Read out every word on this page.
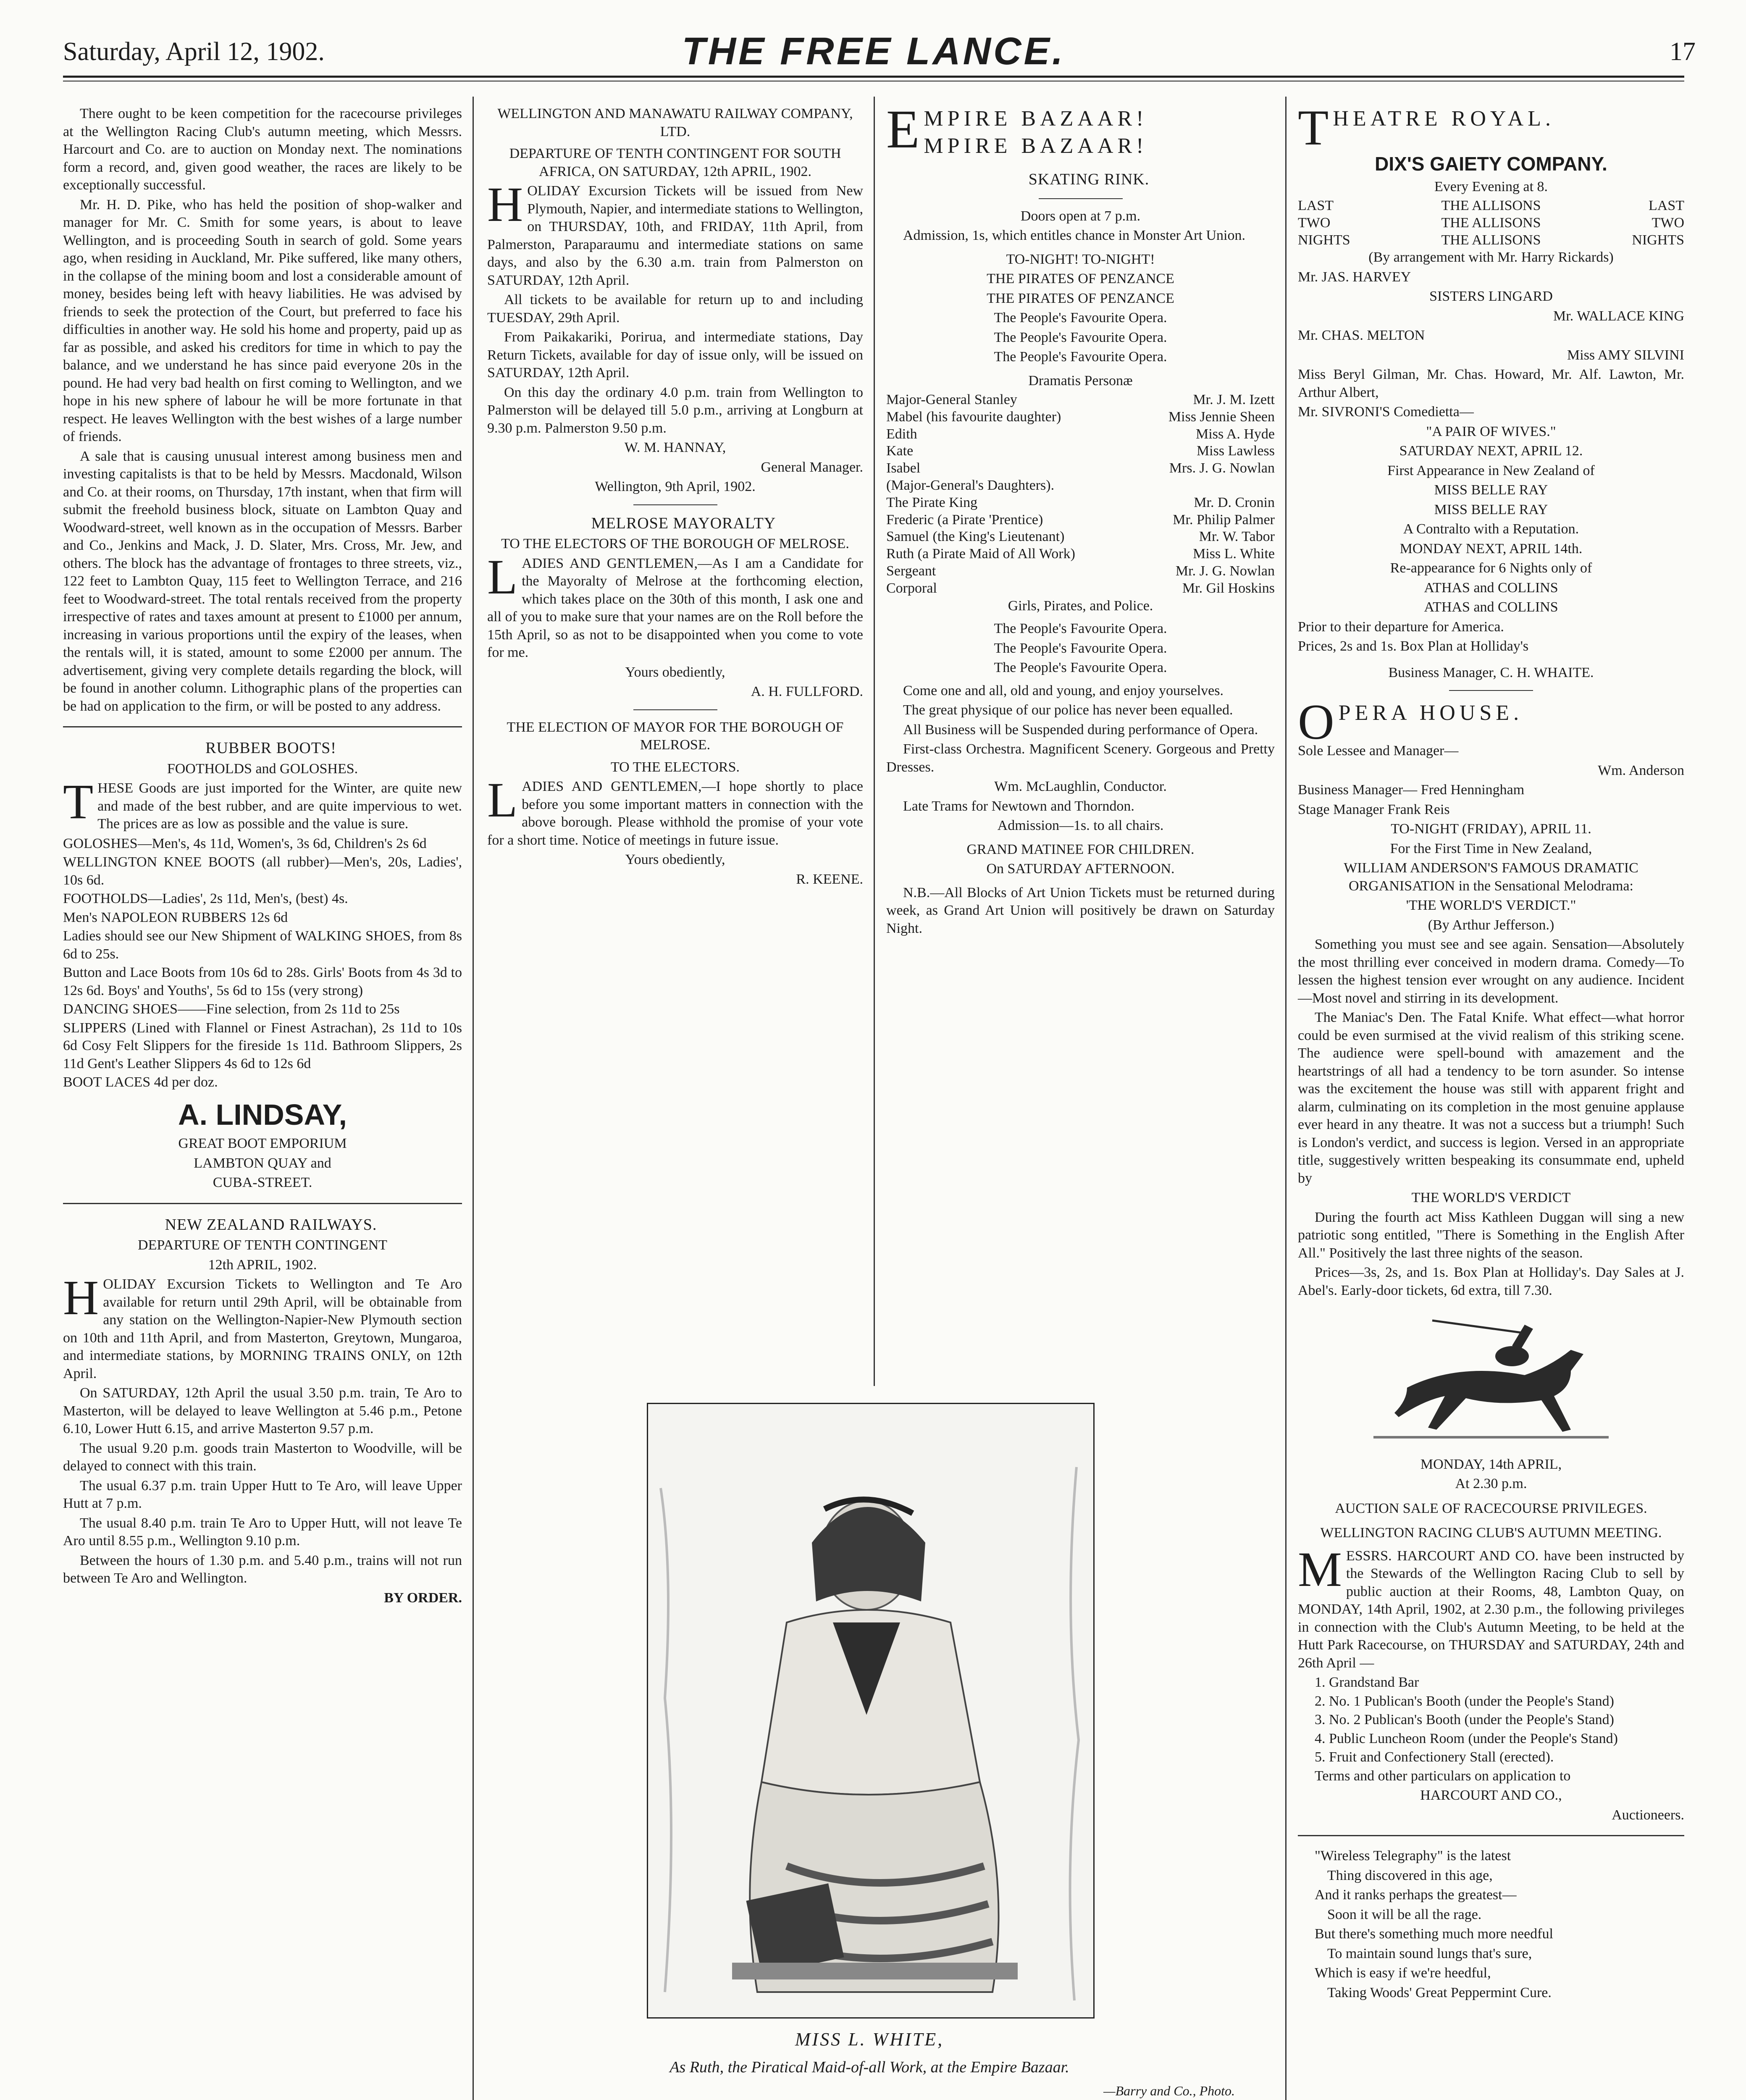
Saturday, April 12, 1902.	THE FREE LANCE.	17

There ought to be keen competition for the racecourse privileges at the Wellington Racing Club's autumn meeting, which Messrs. Harcourt and Co. are to auction on Monday next. The nominations form a record, and, given good weather, the races are likely to be exceptionally successful.

Mr. H. D. Pike, who has held the position of shop-walker and manager for Mr. C. Smith for some years, is about to leave Wellington, and is proceeding South in search of gold. Some years ago, when residing in Auckland, Mr. Pike suffered, like many others, in the collapse of the mining boom and lost a considerable amount of money, besides being left with heavy liabilities. He was advised by friends to seek the protection of the Court, but preferred to face his difficulties in another way. He sold his home and property, paid up as far as possible, and asked his creditors for time in which to pay the balance, and we understand he has since paid everyone 20s in the pound. He had very bad health on first coming to Wellington, and we hope in his new sphere of labour he will be more fortunate in that respect. He leaves Wellington with the best wishes of a large number of friends.

A sale that is causing unusual interest among business men and investing capitalists is that to be held by Messrs. Macdonald, Wilson and Co. at their rooms, on Thursday, 17th instant, when that firm will submit the freehold business block, situate on Lambton Quay and Woodward-street, well known as in the occupation of Messrs. Barber and Co., Jenkins and Mack, J. D. Slater, Mrs. Cross, Mr. Jew, and others. The block has the advantage of frontages to three streets, viz., 122 feet to Lambton Quay, 115 feet to Wellington Terrace, and 216 feet to Woodward-street. The total rentals received from the property irrespective of rates and taxes amount at present to £1000 per annum, increasing in various proportions until the expiry of the leases, when the rentals will, it is stated, amount to some £2000 per annum. The advertisement, giving very complete details regarding the block, will be found in another column. Lithographic plans of the properties can be had on application to the firm, or will be posted to any address.

RUBBER BOOTS!

FOOTHOLDS and GOLOSHES.

THESE Goods are just imported for the Winter, are quite new and made of the best rubber, and are quite impervious to wet. The prices are as low as possible and the value is sure.

GOLOSHES—Men's, 4s 11d, Women's, 3s 6d, Children's 2s 6d
WELLINGTON KNEE BOOTS (all rubber)—Men's, 20s, Ladies', 10s 6d.
FOOTHOLDS—Ladies', 2s 11d, Men's, (best) 4s.
Men's NAPOLEON RUBBERS 12s 6d
Ladies should see our New Shipment of WALKING SHOES, from 8s 6d to 25s.
Button and Lace Boots from 10s 6d to 28s. Girls' Boots from 4s 3d to 12s 6d. Boys' and Youths', 5s 6d to 15s (very strong)
DANCING SHOES——Fine selection, from 2s 11d to 25s
SLIPPERS (Lined with Flannel or Finest Astrachan), 2s 11d to 10s 6d Cosy Felt Slippers for the fireside 1s 11d. Bathroom Slippers, 2s 11d Gent's Leather Slippers 4s 6d to 12s 6d
BOOT LACES 4d per doz.
A. LINDSAY,

GREAT BOOT EMPORIUM

LAMBTON QUAY and

CUBA-STREET.

NEW ZEALAND RAILWAYS.

DEPARTURE OF TENTH CONTINGENT

12th APRIL, 1902.

HOLIDAY Excursion Tickets to Wellington and Te Aro available for return until 29th April, will be obtainable from any station on the Wellington-Napier-New Plymouth section on 10th and 11th April, and from Masterton, Greytown, Mungaroa, and intermediate stations, by MORNING TRAINS ONLY, on 12th April.

On SATURDAY, 12th April the usual 3.50 p.m. train, Te Aro to Masterton, will be delayed to leave Wellington at 5.46 p.m., Petone 6.10, Lower Hutt 6.15, and arrive Masterton 9.57 p.m.

The usual 9.20 p.m. goods train Masterton to Woodville, will be delayed to connect with this train.

The usual 6.37 p.m. train Upper Hutt to Te Aro, will leave Upper Hutt at 7 p.m.

The usual 8.40 p.m. train Te Aro to Upper Hutt, will not leave Te Aro until 8.55 p.m., Wellington 9.10 p.m.

Between the hours of 1.30 p.m. and 5.40 p.m., trains will not run between Te Aro and Wellington.

BY ORDER.

WELLINGTON AND MANAWATU RAILWAY COMPANY, LTD.

DEPARTURE OF TENTH CONTINGENT FOR SOUTH AFRICA, ON SATURDAY, 12th APRIL, 1902.

HOLIDAY Excursion Tickets will be issued from New Plymouth, Napier, and intermediate stations to Wellington, on THURSDAY, 10th, and FRIDAY, 11th April, from Palmerston, Paraparaumu and intermediate stations on same days, and also by the 6.30 a.m. train from Palmerston on SATURDAY, 12th April.

All tickets to be available for return up to and including TUESDAY, 29th April.

From Paikakariki, Porirua, and intermediate stations, Day Return Tickets, available for day of issue only, will be issued on SATURDAY, 12th April.

On this day the ordinary 4.0 p.m. train from Wellington to Palmerston will be delayed till 5.0 p.m., arriving at Longburn at 9.30 p.m. Palmerston 9.50 p.m.

W. M. HANNAY,

General Manager.

Wellington, 9th April, 1902.

MELROSE MAYORALTY

TO THE ELECTORS OF THE BOROUGH OF MELROSE.

LADIES AND GENTLEMEN,—As I am a Candidate for the Mayoralty of Melrose at the forthcoming election, which takes place on the 30th of this month, I ask one and all of you to make sure that your names are on the Roll before the 15th April, so as not to be disappointed when you come to vote for me.

Yours obediently,

A. H. FULLFORD.

THE ELECTION OF MAYOR FOR THE BOROUGH OF MELROSE.

TO THE ELECTORS.

LADIES AND GENTLEMEN,—I hope shortly to place before you some important matters in connection with the above borough. Please withhold the promise of your vote for a short time. Notice of meetings in future issue.

Yours obediently,

R. KEENE.

EMPIRE BAZAAR!
MPIRE BAZAAR!

SKATING RINK.

Doors open at 7 p.m.

Admission, 1s, which entitles chance in Monster Art Union.

TO-NIGHT! TO-NIGHT!

THE PIRATES OF PENZANCE

THE PIRATES OF PENZANCE

The People's Favourite Opera.

The People's Favourite Opera.

The People's Favourite Opera.

Dramatis Personæ

Major-General Stanley	Mr. J. M. Izett
Mabel (his favourite daughter)	Miss Jennie Sheen
Edith	Miss A. Hyde
Kate	Miss Lawless
Isabel	Mrs. J. G. Nowlan
(Major-General's Daughters).	
The Pirate King	Mr. D. Cronin
Frederic (a Pirate 'Prentice)	Mr. Philip Palmer
Samuel (the King's Lieutenant)	Mr. W. Tabor
Ruth (a Pirate Maid of All Work)	Miss L. White
Sergeant	Mr. J. G. Nowlan
Corporal	Mr. Gil Hoskins

Girls, Pirates, and Police.

The People's Favourite Opera.

The People's Favourite Opera.

The People's Favourite Opera.

Come one and all, old and young, and enjoy yourselves.

The great physique of our police has never been equalled.

All Business will be Suspended during performance of Opera.

First-class Orchestra. Magnificent Scenery. Gorgeous and Pretty Dresses.

Wm. McLaughlin, Conductor.

Late Trams for Newtown and Thorndon.

Admission—1s. to all chairs.

GRAND MATINEE FOR CHILDREN.

On SATURDAY AFTERNOON.

N.B.—All Blocks of Art Union Tickets must be returned during week, as Grand Art Union will positively be drawn on Saturday Night.

MISS L. WHITE,
As Ruth, the Piratical Maid-of-all Work, at the Empire Bazaar.
—Barry and Co., Photo.

THEATRE ROYAL.

DIX'S GAIETY COMPANY.

Every Evening at 8.

LAST	THE ALLISONS	LAST
TWO	THE ALLISONS	TWO
NIGHTS	THE ALLISONS	NIGHTS

(By arrangement with Mr. Harry Rickards)

Mr. JAS. HARVEY

SISTERS LINGARD

Mr. WALLACE KING

Mr. CHAS. MELTON

Miss AMY SILVINI

Miss Beryl Gilman, Mr. Chas. Howard, Mr. Alf. Lawton, Mr. Arthur Albert,

Mr. SIVRONI'S Comedietta—

"A PAIR OF WIVES."

SATURDAY NEXT, APRIL 12.

First Appearance in New Zealand of

MISS BELLE RAY

MISS BELLE RAY

A Contralto with a Reputation.

MONDAY NEXT, APRIL 14th.

Re-appearance for 6 Nights only of

ATHAS and COLLINS

ATHAS and COLLINS

Prior to their departure for America.

Prices, 2s and 1s. Box Plan at Holliday's

Business Manager, C. H. WHAITE.

OPERA HOUSE.

Sole Lessee and Manager—

Wm. Anderson

Business Manager— Fred Henningham

Stage Manager Frank Reis

TO-NIGHT (FRIDAY), APRIL 11.

For the First Time in New Zealand,

WILLIAM ANDERSON'S FAMOUS DRAMATIC ORGANISATION in the Sensational Melodrama:

'THE WORLD'S VERDICT."

(By Arthur Jefferson.)

Something you must see and see again. Sensation—Absolutely the most thrilling ever conceived in modern drama. Comedy—To lessen the highest tension ever wrought on any audience. Incident—Most novel and stirring in its development.

The Maniac's Den. The Fatal Knife. What effect—what horror could be even surmised at the vivid realism of this striking scene. The audience were spell-bound with amazement and the heartstrings of all had a tendency to be torn asunder. So intense was the excitement the house was still with apparent fright and alarm, culminating on its completion in the most genuine applause ever heard in any theatre. It was not a success but a triumph! Such is London's verdict, and success is legion. Versed in an appropriate title, suggestively written bespeaking its consummate end, upheld by

THE WORLD'S VERDICT

During the fourth act Miss Kathleen Duggan will sing a new patriotic song entitled, "There is Something in the English After All." Positively the last three nights of the season.

Prices—3s, 2s, and 1s. Box Plan at Holliday's. Day Sales at J. Abel's. Early-door tickets, 6d extra, till 7.30.

MONDAY, 14th APRIL,

At 2.30 p.m.

AUCTION SALE OF RACECOURSE PRIVILEGES.

WELLINGTON RACING CLUB'S AUTUMN MEETING.

MESSRS. HARCOURT AND CO. have been instructed by the Stewards of the Wellington Racing Club to sell by public auction at their Rooms, 48, Lambton Quay, on MONDAY, 14th April, 1902, at 2.30 p.m., the following privileges in connection with the Club's Autumn Meeting, to be held at the Hutt Park Racecourse, on THURSDAY and SATURDAY, 24th and 26th April —

1. Grandstand Bar
2. No. 1 Publican's Booth (under the People's Stand)
3. No. 2 Publican's Booth (under the People's Stand)
4. Public Luncheon Room (under the People's Stand)
5. Fruit and Confectionery Stall (erected).

Terms and other particulars on application to

HARCOURT AND CO.,

Auctioneers.

"Wireless Telegraphy" is the latest

Thing discovered in this age,

And it ranks perhaps the greatest—

Soon it will be all the rage.

But there's something much more needful

To maintain sound lungs that's sure,

Which is easy if we're heedful,

Taking Woods' Great Peppermint Cure.
